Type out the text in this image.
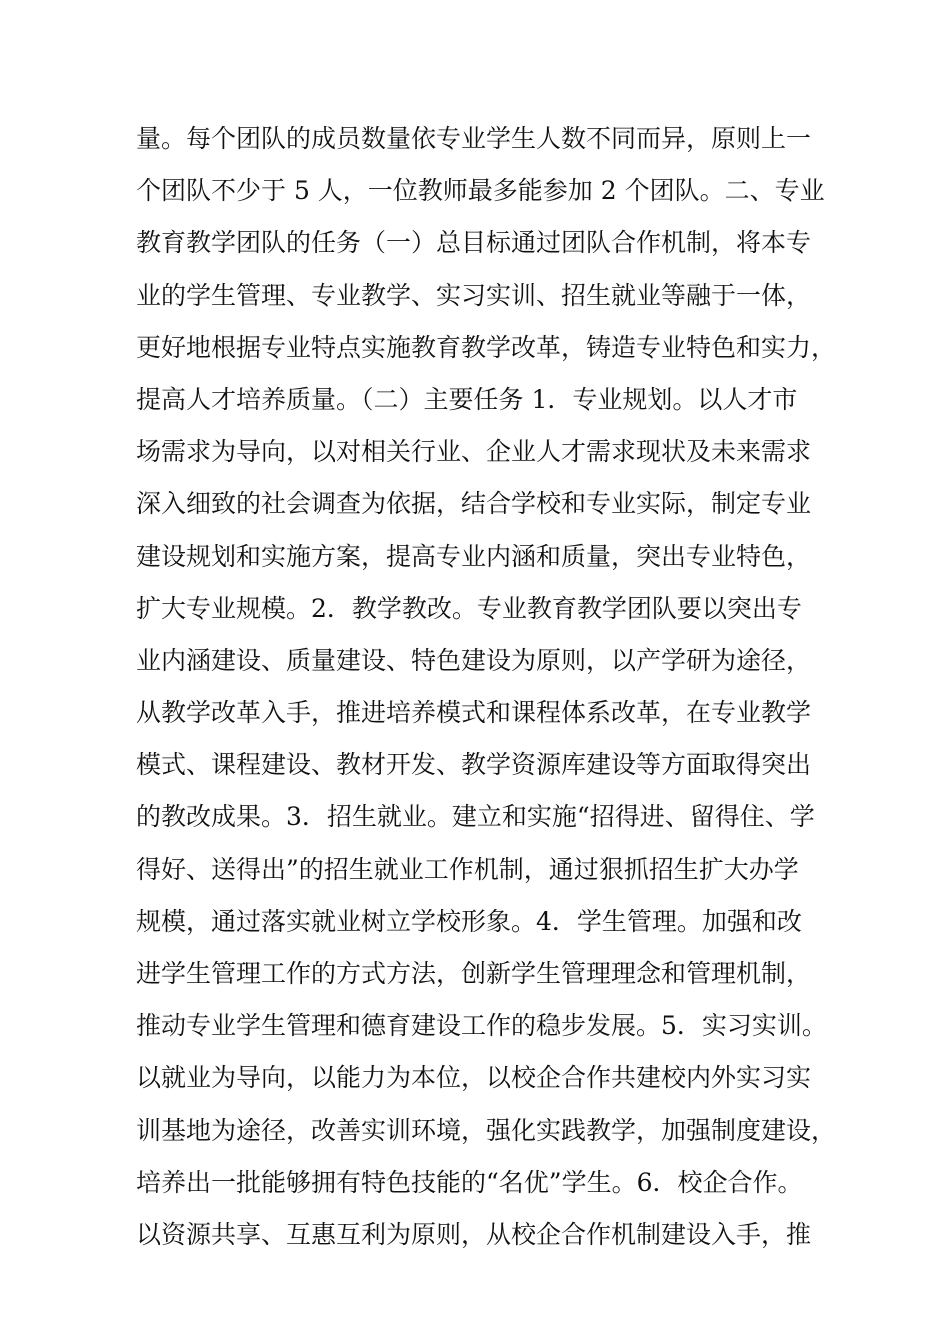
量。每个团队的成员数量依专业学生人数不同而异，原则上一
个团队不少于 5 人，一位教师最多能参加 2 个团队。二、专业
教育教学团队的任务（一）总目标通过团队合作机制，将本专
业的学生管理、专业教学、实习实训、招生就业等融于一体，
更好地根据专业特点实施教育教学改革，铸造专业特色和实力，
提高人才培养质量。（二）主要任务 1．专业规划。以人才市
场需求为导向，以对相关行业、企业人才需求现状及未来需求
深入细致的社会调查为依据，结合学校和专业实际，制定专业
建设规划和实施方案，提高专业内涵和质量，突出专业特色，
扩大专业规模。2．教学教改。专业教育教学团队要以突出专
业内涵建设、质量建设、特色建设为原则，以产学研为途径，
从教学改革入手，推进培养模式和课程体系改革，在专业教学
模式、课程建设、教材开发、教学资源库建设等方面取得突出
的教改成果。3．招生就业。建立和实施“招得进、留得住、学
得好、送得出”的招生就业工作机制，通过狠抓招生扩大办学
规模，通过落实就业树立学校形象。4．学生管理。加强和改
进学生管理工作的方式方法，创新学生管理理念和管理机制，
推动专业学生管理和德育建设工作的稳步发展。5．实习实训。
以就业为导向，以能力为本位，以校企合作共建校内外实习实
训基地为途径，改善实训环境，强化实践教学，加强制度建设，
培养出一批能够拥有特色技能的“名优”学生。6．校企合作。
以资源共享、互惠互利为原则，从校企合作机制建设入手，推
